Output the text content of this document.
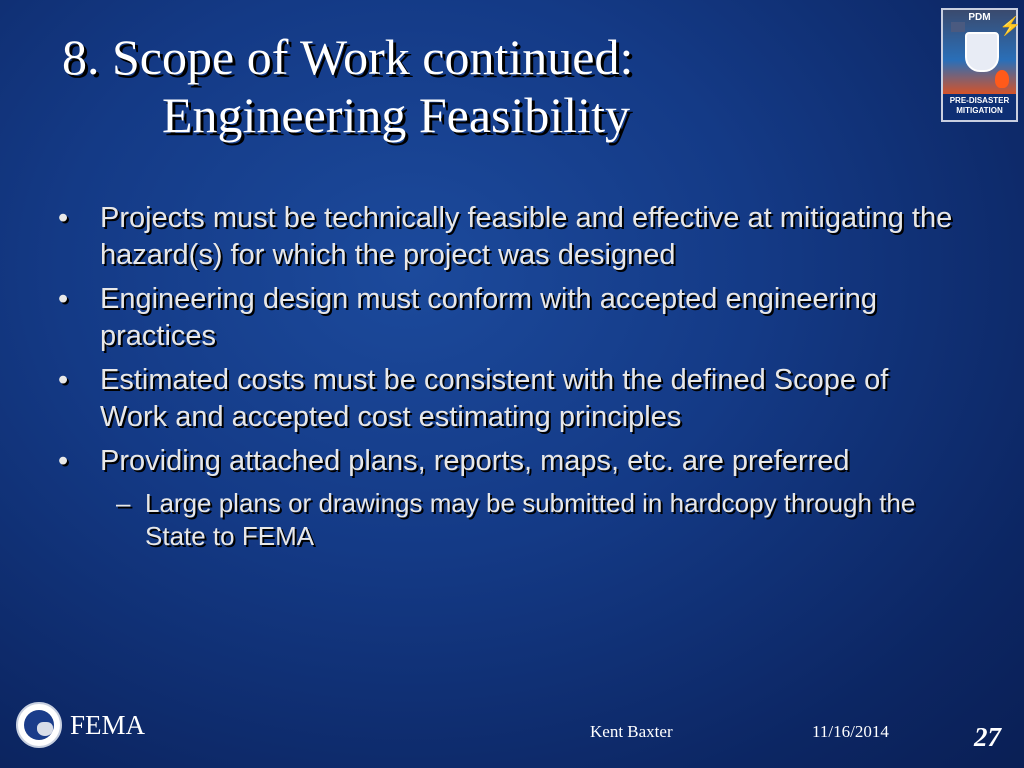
8. Scope of Work continued:
Engineering Feasibility
PDM ⚡
PRE-DISASTER
MITIGATION
• Projects must be technically feasible and effective at mitigating the hazard(s) for which the project was designed
• Engineering design must conform with accepted engineering practices
• Estimated costs must be consistent with the defined Scope of Work and accepted cost estimating principles
• Providing attached plans, reports, maps, etc. are preferred
– Large plans or drawings may be submitted in hardcopy through the State to FEMA
FEMA	Kent Baxter	11/16/2014	27
